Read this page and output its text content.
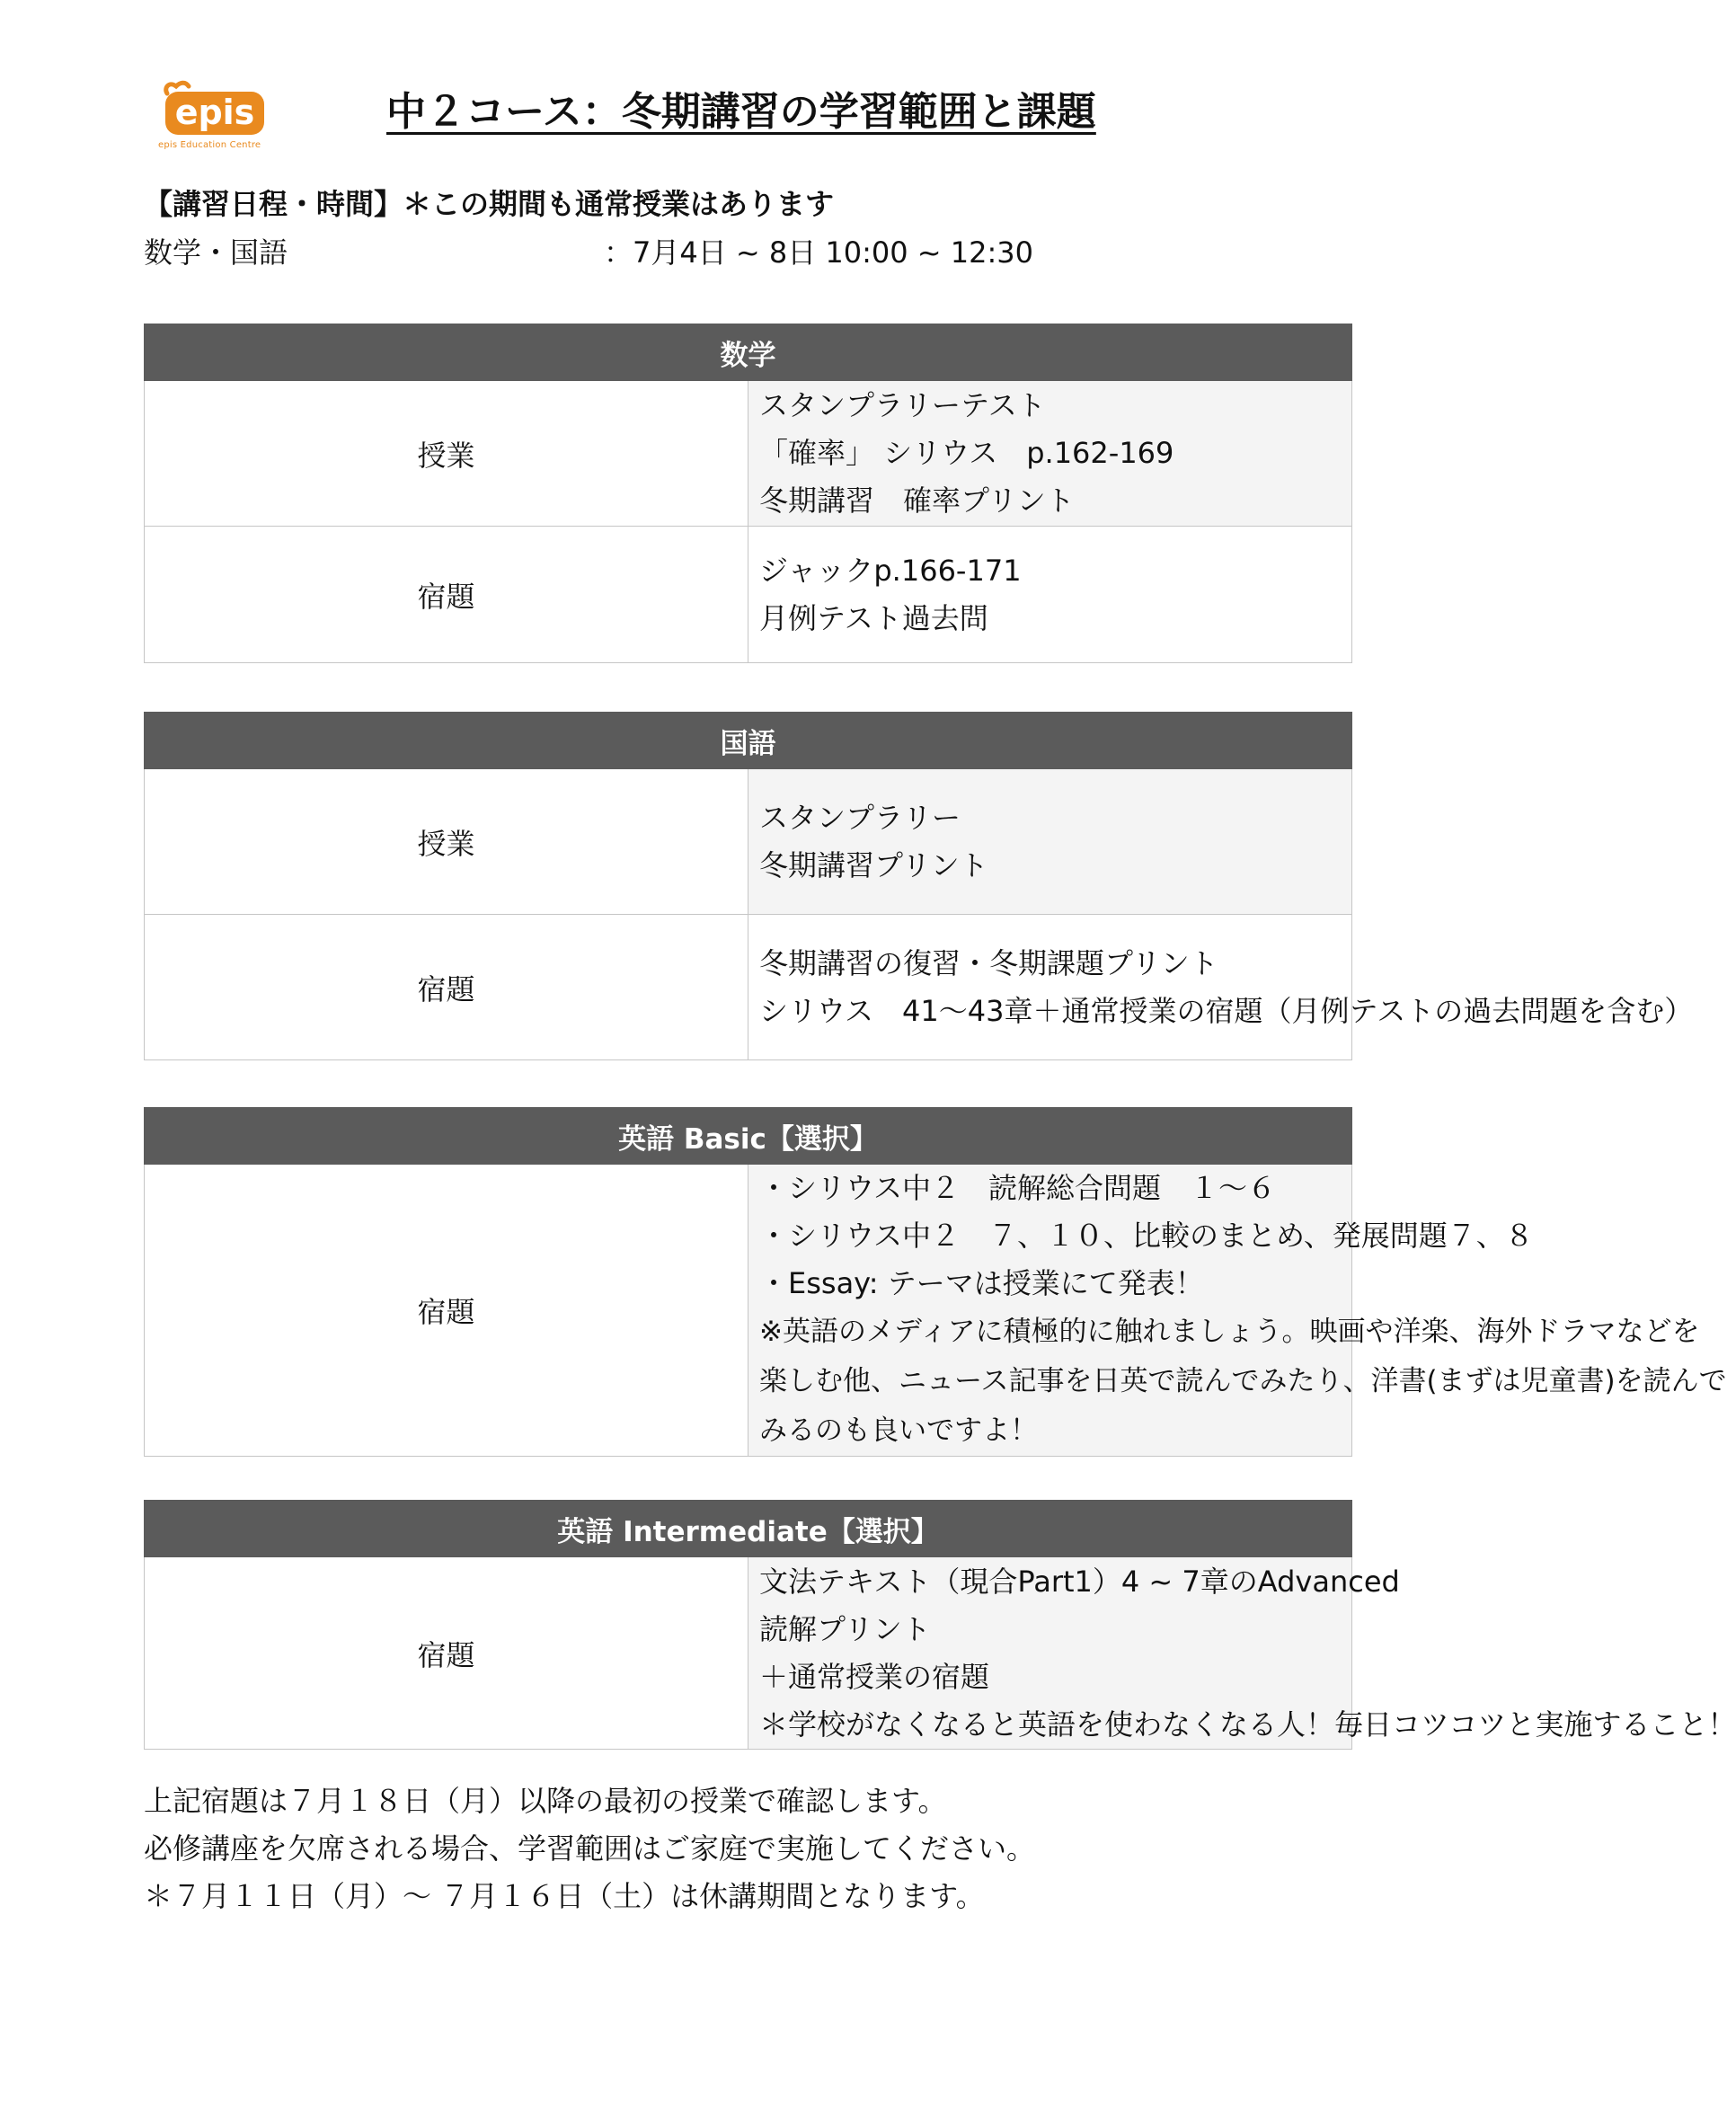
epis
epis Education Centre
中２コース：冬期講習の学習範囲と課題
【講習日程・時間】＊この期間も通常授業はあります
数学・国語	：7月4日 ~ 8日 10:00 ~ 12:30
数学	
授業	スタンプラリーテスト
「確率」 シリウス　p.162-169
冬期講習　確率プリント

宿題	ジャックp.166-171
月例テスト過去問
国語	
授業	スタンプラリー
冬期講習プリント

宿題	冬期講習の復習・冬期課題プリント
シリウス　41〜43章＋通常授業の宿題（月例テストの過去問題を含む）
英語 Basic【選択】
宿題	
・シリウス中２　読解総合問題　１〜６
・シリウス中２　７、１０、比較のまとめ、発展問題７、８
・Essay: テーマは授業にて発表！
※英語のメディアに積極的に触れましょう。映画や洋楽、海外ドラマなどを
楽しむ他、ニュース記事を日英で読んでみたり、洋書(まずは児童書)を読んで
みるのも良いですよ！
英語 Intermediate【選択】
宿題	
文法テキスト（現合Part1）4 ~ 7章のAdvanced
読解プリント
＋通常授業の宿題
＊学校がなくなると英語を使わなくなる人！毎日コツコツと実施すること！
上記宿題は７月１８日（月）以降の最初の授業で確認します。
必修講座を欠席される場合、学習範囲はご家庭で実施してください。
＊７月１１日（月）〜 ７月１６日（土）は休講期間となります。
